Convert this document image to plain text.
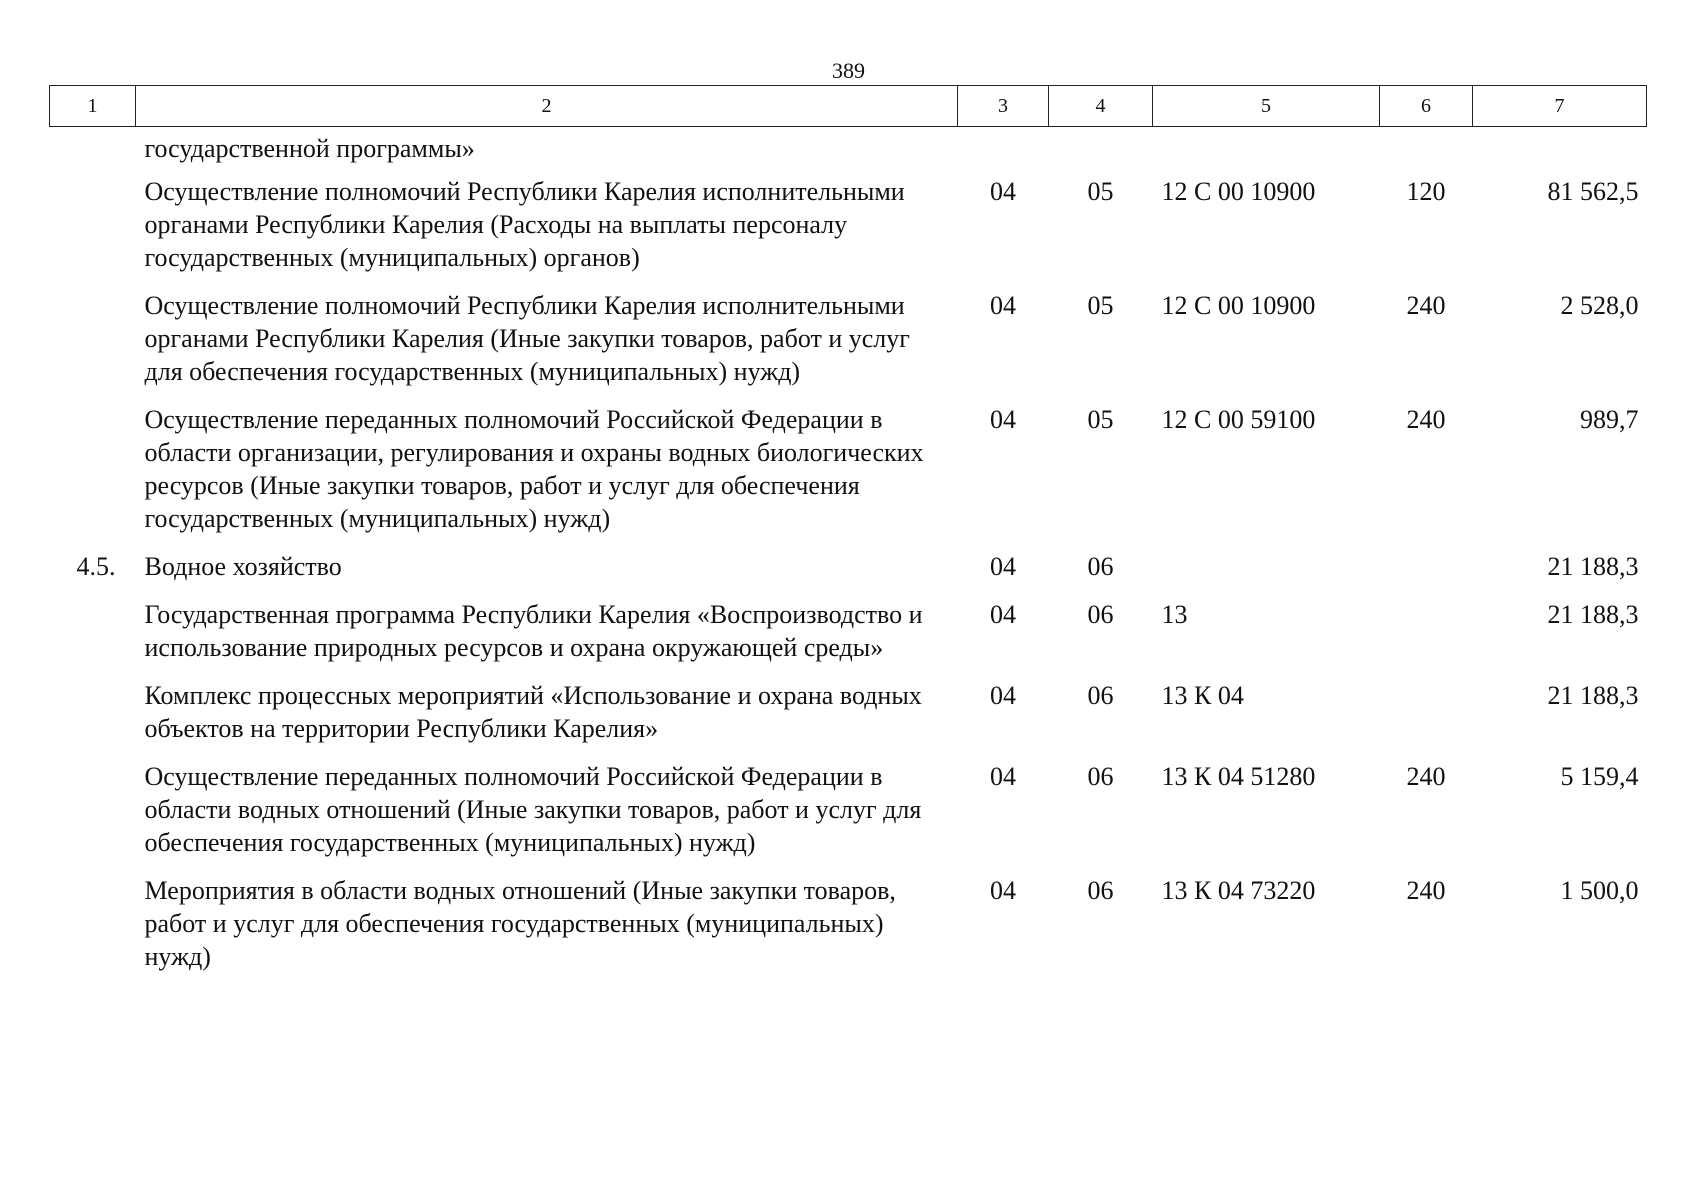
389
1	2	3	4	5	6	7
	государственной программы»					
	Осуществление полномочий Республики Карелия исполнительными органами Республики Карелия (Расходы на выплаты персоналу государственных (муниципальных) органов)	04	05	12 С 00 10900	120	81 562,5
	Осуществление полномочий Республики Карелия исполнительными органами Республики Карелия (Иные закупки товаров, работ и услуг для обеспечения государственных (муниципальных) нужд)	04	05	12 С 00 10900	240	2 528,0
	Осуществление переданных полномочий Российской Федерации в области организации, регулирования и охраны водных биологических ресурсов (Иные закупки товаров, работ и услуг для обеспечения государственных (муниципальных) нужд)	04	05	12 С 00 59100	240	989,7
4.5.	Водное хозяйство	04	06			21 188,3
	Государственная программа Республики Карелия «Воспроизводство и использование природных ресурсов и охрана окружающей среды»	04	06	13		21 188,3
	Комплекс процессных мероприятий «Использование и охрана водных объектов на территории Республики Карелия»	04	06	13 К 04		21 188,3
	Осуществление переданных полномочий Российской Федерации в области водных отношений (Иные закупки товаров, работ и услуг для обеспечения государственных (муниципальных) нужд)	04	06	13 К 04 51280	240	5 159,4
	Мероприятия в области водных отношений (Иные закупки товаров, работ и услуг для обеспечения государственных (муниципальных) нужд)	04	06	13 К 04 73220	240	1 500,0
